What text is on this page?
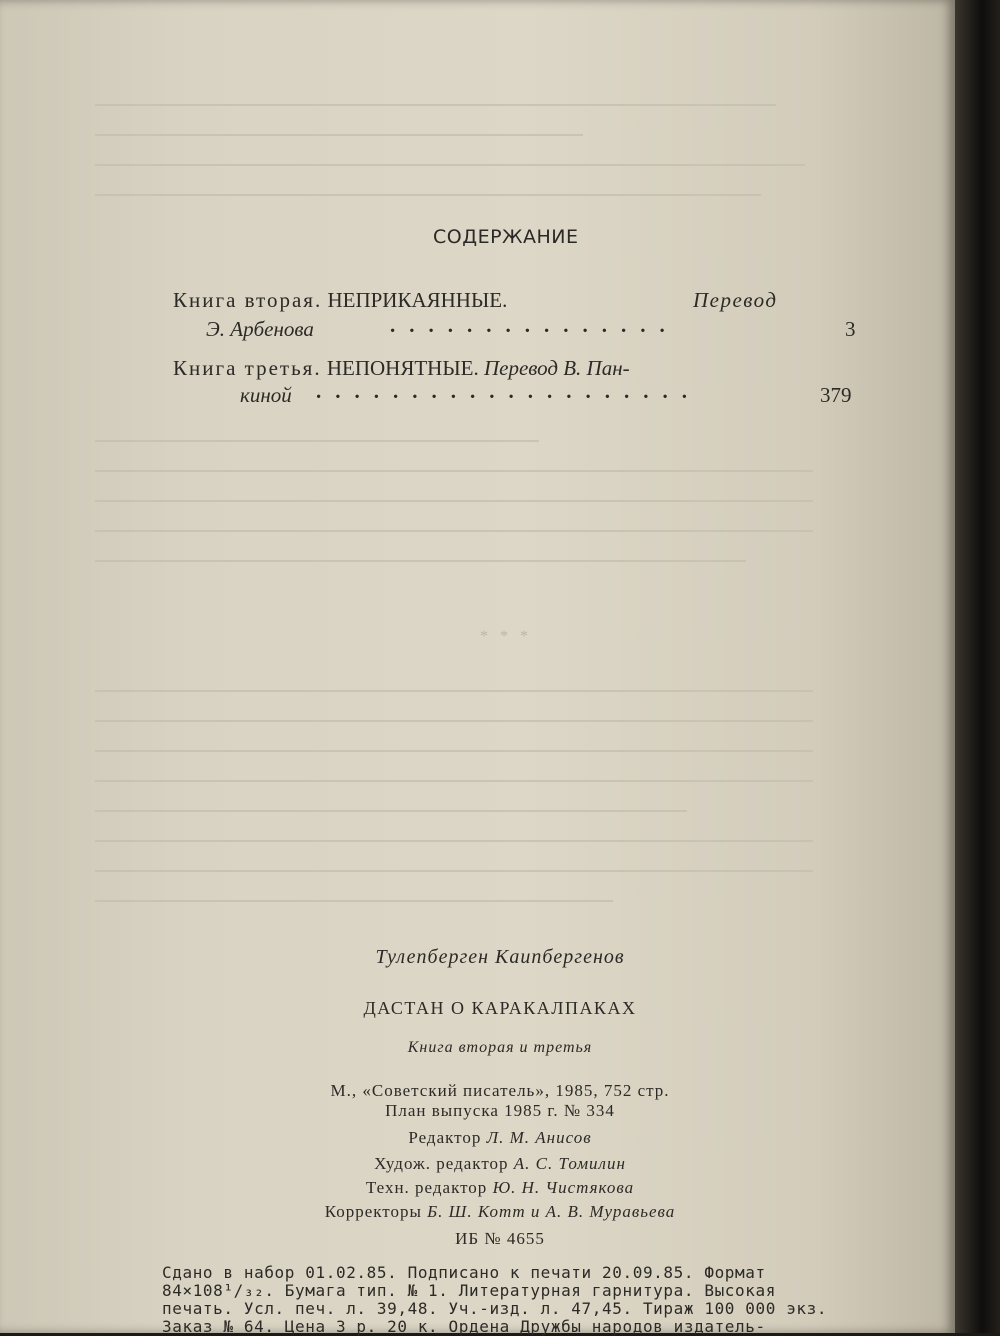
* * *
СОДЕРЖАНИЕ
Книга вторая. НЕПРИКАЯННЫЕ.	Перевод
Э. Арбенова	...............	3
Книга третья. НЕПОНЯТНЫЕ. Перевод В. Пан-
киной ....................	379
Тулепберген Каипбергенов
ДАСТАН О КАРАКАЛПАКАХ
Книга вторая и третья
М., «Советский писатель», 1985, 752 стр.
План выпуска 1985 г. № 334
Редактор Л. М. Анисов
Худож. редактор А. С. Томилин
Техн. редактор Ю. Н. Чистякова
Корректоры Б. Ш. Котт и А. В. Муравьева
ИБ № 4655
Сдано в набор 01.02.85. Подписано к печати 20.09.85. Формат
84×108¹/₃₂. Бумага тип. № 1. Литературная гарнитура. Высокая
печать. Усл. печ. л. 39,48. Уч.-изд. л. 47,45. Тираж 100 000 экз.
Заказ № 64. Цена 3 р. 20 к. Ордена Дружбы народов издатель-
